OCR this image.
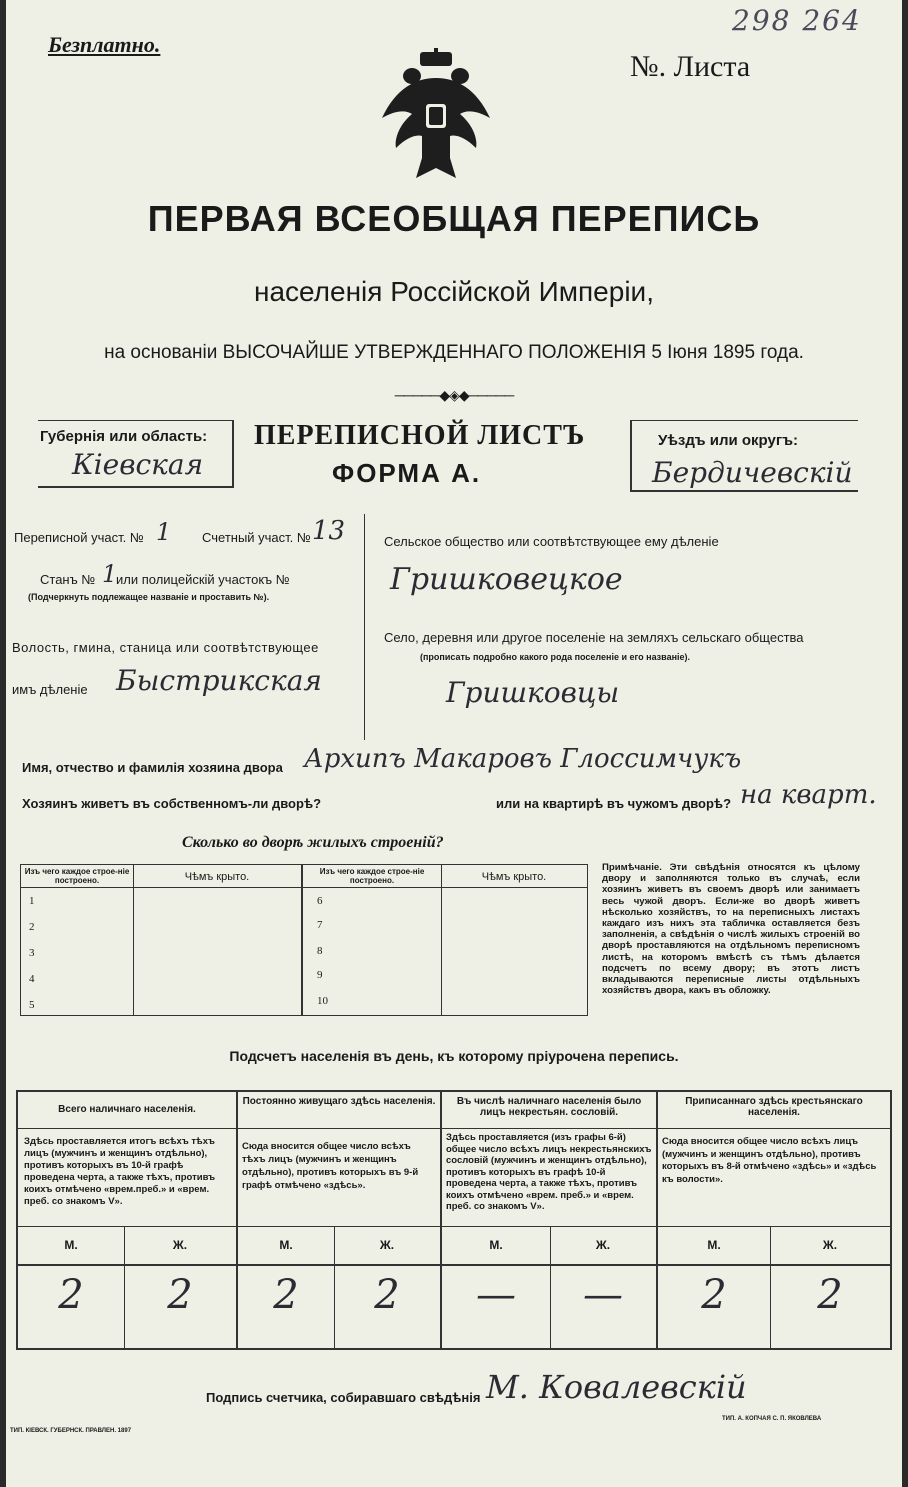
Безплатно.
№. Листа
298 264
ПЕРВАЯ ВСЕОБЩАЯ ПЕРЕПИСЬ
населенія Россійской Имперіи,
на основаніи ВЫСОЧАЙШЕ УТВЕРЖДЕННАГО ПОЛОЖЕНІЯ 5 Іюня 1895 года.
─────◆◈◆─────
Губернія или область:
Кіевская
ПЕРЕПИСНОЙ ЛИСТЪ
ФОРМА А.
Уѣздъ или округъ:
Бердичевскій
Переписной участ. № 1 Счетный участ. № 13
Станъ № 1
или полицейскій участокъ №
(Подчеркнуть подлежащее названіе и проставить №).
Волость, гмина, станица или соотвѣтствующее
имъ дѣленіе Быстрикская
Сельское общество или соотвѣтствующее ему дѣленіе
Гришковецкое
Село, деревня или другое поселеніе на земляхъ сельскаго общества
(прописать подробно какого рода поселеніе и его названіе).
Гришковцы
Имя, отчество и фамилія хозяина двора Архипъ Макаровъ Глоссимчукъ
Хозяинъ живетъ въ собственномъ-ли дворѣ?	или на квартирѣ въ чужомъ дворѣ? на кварт.
Сколько во дворѣ жилыхъ строеній?
Изъ чего каждое строе-ніе построено.	Чѣмъ крыто.	Изъ чего каждое строе-ніе построено.	Чѣмъ крыто.
1
2
3
4
5
6
7
8
9
10
Примѣчаніе. Эти свѣдѣнія относятся къ цѣлому двору и заполняются только въ случаѣ, если хозяинъ живетъ въ своемъ дворѣ или занимаетъ весь чужой дворъ. Если-же во дворѣ живетъ нѣсколько хозяйствъ, то на переписныхъ листахъ каждаго изъ нихъ эта табличка оставляется безъ заполненія, а свѣдѣнія о числѣ жилыхъ строеній во дворѣ проставляются на отдѣльномъ переписномъ листѣ, на которомъ вмѣстѣ съ тѣмъ дѣлается подсчетъ по всему двору; въ этотъ листъ вкладываются переписные листы отдѣльныхъ хозяйствъ двора, какъ въ обложку.
Подсчетъ населенія въ день, къ которому пріурочена перепись.
Всего наличнаго населенія.
Постоянно живущаго здѣсь населенія.	Въ числѣ наличнаго населенія было лицъ некрестьян. сословій.
Приписаннаго здѣсь крестьянскаго населенія.
Здѣсь проставляется итогъ всѣхъ тѣхъ лицъ (мужчинъ и женщинъ отдѣльно), противъ которыхъ въ 10-й графѣ проведена черта, а также тѣхъ, противъ коихъ отмѣчено «врем.преб.» и «врем. преб. со знакомъ V».
Сюда вносится общее число всѣхъ тѣхъ лицъ (мужчинъ и женщинъ отдѣльно), противъ которыхъ въ 9-й графѣ отмѣчено «здѣсь».
Здѣсь проставляется (изъ графы 6-й) общее число всѣхъ лицъ некрестьянскихъ сословій (мужчинъ и женщинъ отдѣльно), противъ которыхъ въ графѣ 10-й проведена черта, а также тѣхъ, противъ коихъ отмѣчено «врем. преб.» и «врем. преб. со знакомъ V».
Сюда вносится общее число всѣхъ лицъ (мужчинъ и женщинъ отдѣльно), противъ которыхъ въ 8-й отмѣчено «здѣсь» и «здѣсь къ волости».
М.	Ж.	М.	Ж.	М.	Ж.	М.	Ж.
2	2	2	2	—	—	2	2
Подпись счетчика, собиравшаго свѣдѣнія М. Ковалевскій
ТИП. КІЕВСК. ГУБЕРНСК. ПРАВЛЕН. 1897
ТИП. А. КОПЧАЯ С. П. ЯКОВЛЕВА
